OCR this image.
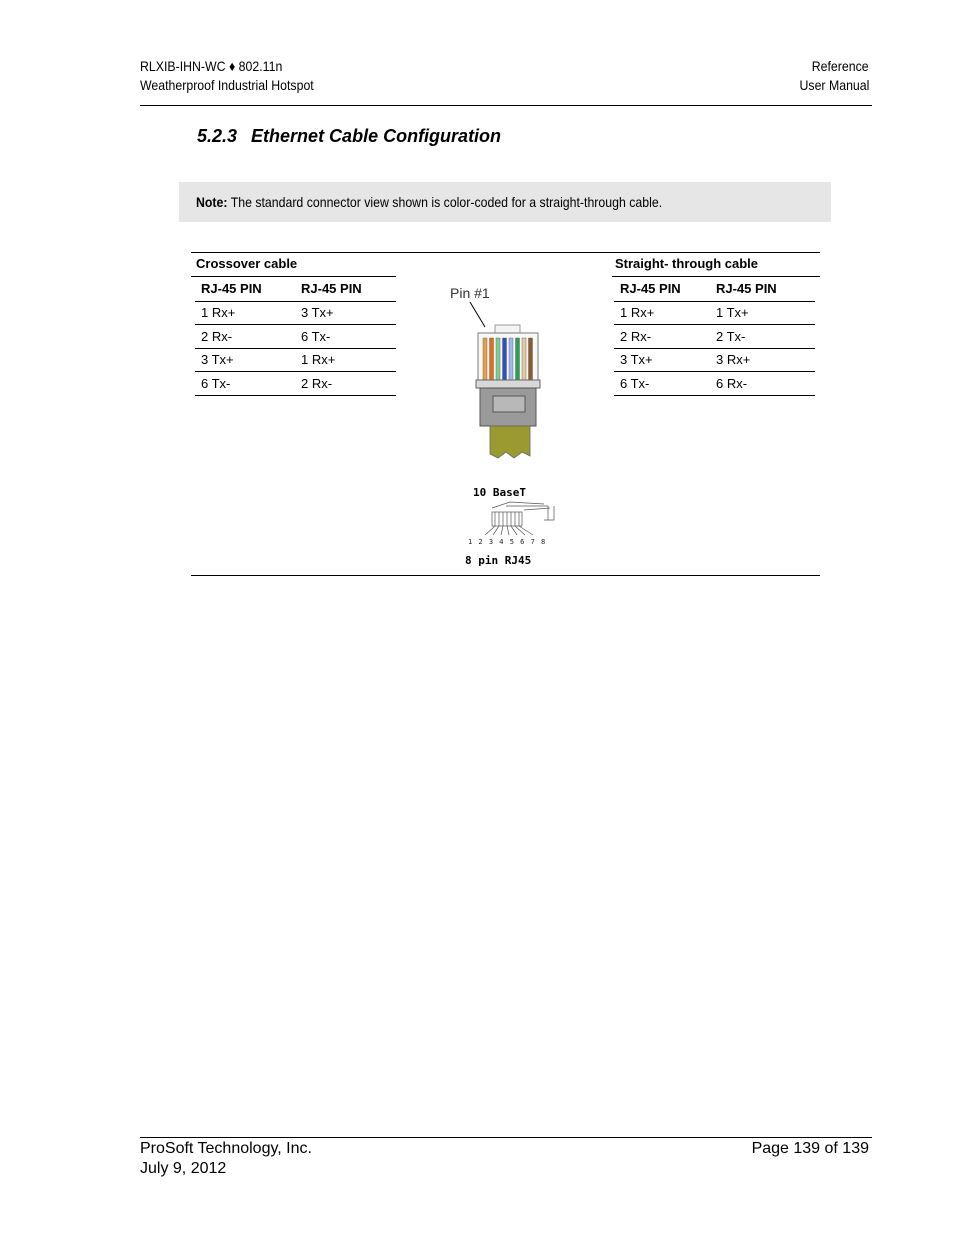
RLXIB-IHN-WC ♦ 802.11n
Weatherproof Industrial Hotspot
Reference
User Manual
5.2.3 Ethernet Cable Configuration
Note: The standard connector view shown is color-coded for a straight-through cable.
Crossover cable	Straight- through cable
RJ-45 PIN	RJ-45 PIN
1 Rx+	3 Tx+
2 Rx-	6 Tx-
3 Tx+	1 Rx+
6 Tx-	2 Rx-
RJ-45 PIN	RJ-45 PIN
1 Rx+	1 Tx+
2 Rx-	2 Tx-
3 Tx+	3 Rx+
6 Tx-	6 Rx-
Pin #1
10 BaseT
1 2 3 4 5 6 7 8
8 pin RJ45
ProSoft Technology, Inc.
July 9, 2012
Page 139 of 139
